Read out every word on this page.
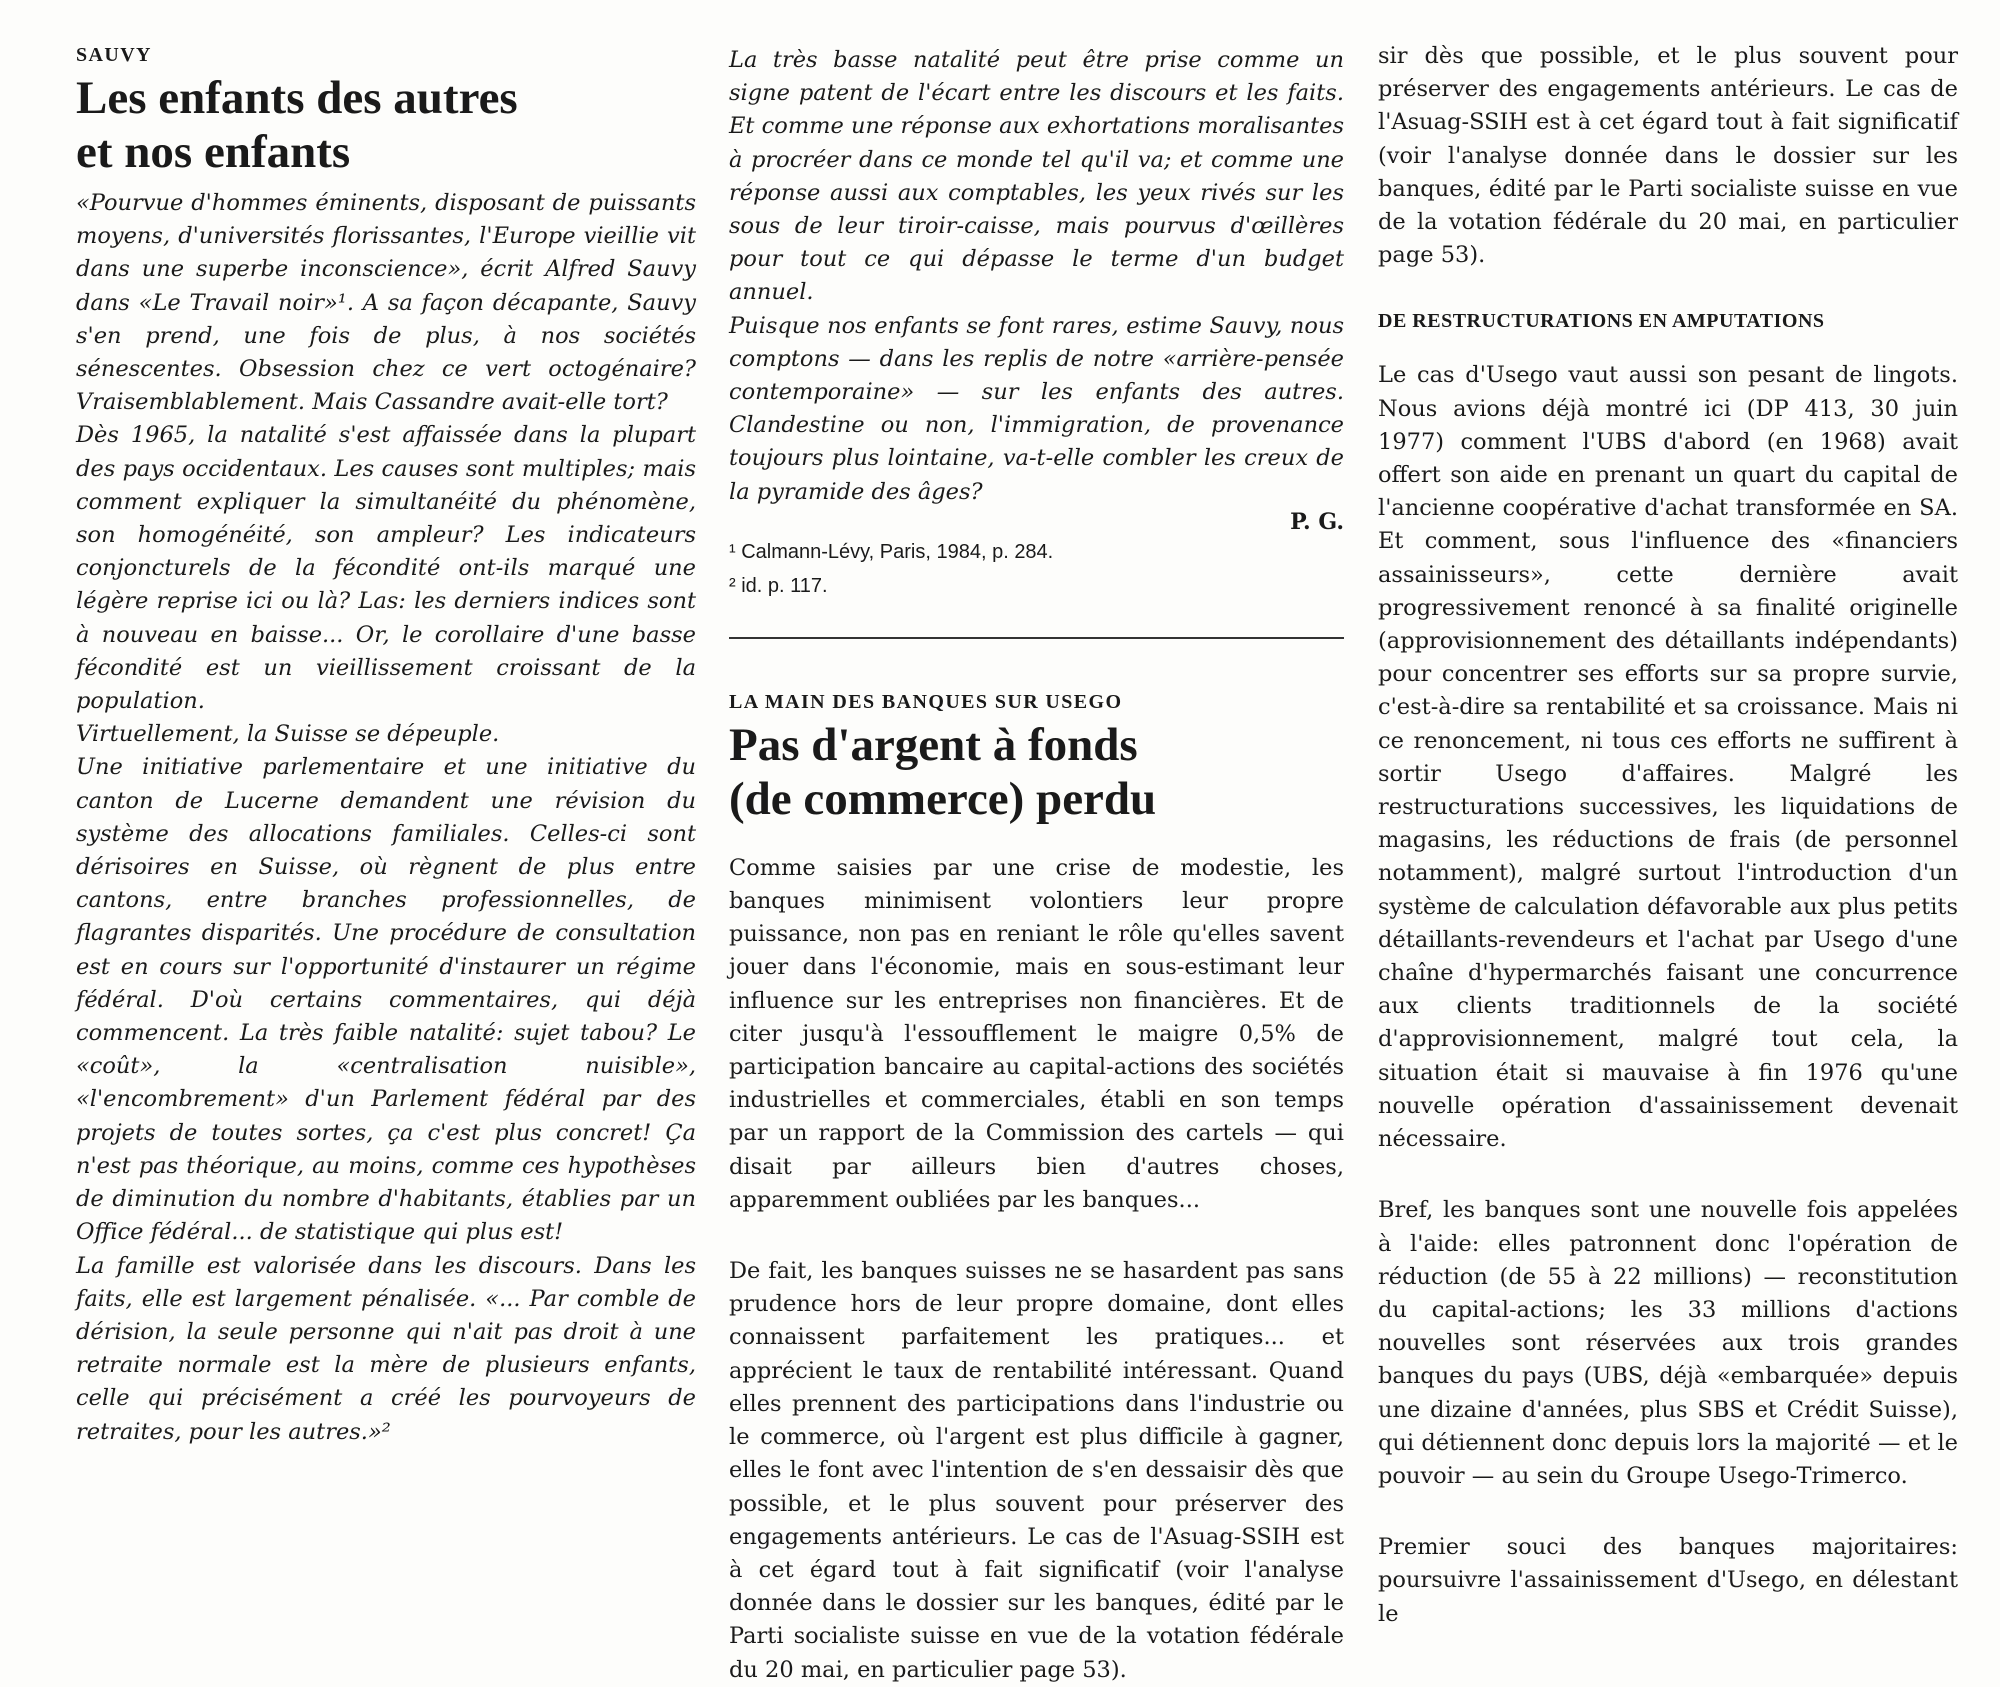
SAUVY
Les enfants des autres
et nos enfants

«Pourvue d'hommes éminents, disposant de puissants moyens, d'universités florissantes, l'Europe vieillie vit dans une superbe inconscience», écrit Alfred Sauvy dans «Le Travail noir»¹. A sa façon décapante, Sauvy s'en prend, une fois de plus, à nos sociétés sénescentes. Obsession chez ce vert octogénaire? Vraisemblablement. Mais Cassandre avait-elle tort?

Dès 1965, la natalité s'est affaissée dans la plupart des pays occidentaux. Les causes sont multiples; mais comment expliquer la simultanéité du phénomène, son homogénéité, son ampleur? Les indicateurs conjoncturels de la fécondité ont-ils marqué une légère reprise ici ou là? Las: les derniers indices sont à nouveau en baisse... Or, le corollaire d'une basse fécondité est un vieillissement croissant de la population.

Virtuellement, la Suisse se dépeuple.

Une initiative parlementaire et une initiative du canton de Lucerne demandent une révision du système des allocations familiales. Celles-ci sont dérisoires en Suisse, où règnent de plus entre cantons, entre branches professionnelles, de flagrantes disparités. Une procédure de consultation est en cours sur l'opportunité d'instaurer un régime fédéral. D'où certains commentaires, qui déjà commencent. La très faible natalité: sujet tabou? Le «coût», la «centralisation nuisible», «l'encombrement» d'un Parlement fédéral par des projets de toutes sortes, ça c'est plus concret! Ça n'est pas théorique, au moins, comme ces hypothèses de diminution du nombre d'habitants, établies par un Office fédéral... de statistique qui plus est!

La famille est valorisée dans les discours. Dans les faits, elle est largement pénalisée. «... Par comble de dérision, la seule personne qui n'ait pas droit à une retraite normale est la mère de plusieurs enfants, celle qui précisément a créé les pourvoyeurs de retraites, pour les autres.»²

La très basse natalité peut être prise comme un signe patent de l'écart entre les discours et les faits. Et comme une réponse aux exhortations moralisantes à procréer dans ce monde tel qu'il va; et comme une réponse aussi aux comptables, les yeux rivés sur les sous de leur tiroir-caisse, mais pourvus d'œillères pour tout ce qui dépasse le terme d'un budget annuel.

Puisque nos enfants se font rares, estime Sauvy, nous comptons — dans les replis de notre «arrière-pensée contemporaine» — sur les enfants des autres. Clandestine ou non, l'immigration, de provenance toujours plus lointaine, va-t-elle combler les creux de la pyramide des âges?

P. G.

¹ Calmann-Lévy, Paris, 1984, p. 284.

² id. p. 117.

LA MAIN DES BANQUES SUR USEGO
Pas d'argent à fonds
(de commerce) perdu

Comme saisies par une crise de modestie, les banques minimisent volontiers leur propre puissance, non pas en reniant le rôle qu'elles savent jouer dans l'économie, mais en sous-estimant leur influence sur les entreprises non financières. Et de citer jusqu'à l'essoufflement le maigre 0,5% de participation bancaire au capital-actions des sociétés industrielles et commerciales, établi en son temps par un rapport de la Commission des cartels — qui disait par ailleurs bien d'autres choses, apparemment oubliées par les banques...

De fait, les banques suisses ne se hasardent pas sans prudence hors de leur propre domaine, dont elles connaissent parfaitement les pratiques... et apprécient le taux de rentabilité intéressant. Quand elles prennent des participations dans l'industrie ou le commerce, où l'argent est plus difficile à gagner, elles le font avec l'intention de s'en dessaisir dès que possible, et le plus souvent pour préserver des engagements antérieurs. Le cas de l'Asuag-SSIH est à cet égard tout à fait significatif (voir l'analyse donnée dans le dossier sur les banques, édité par le Parti socialiste suisse en vue de la votation fédérale du 20 mai, en particulier page 53).

sir dès que possible, et le plus souvent pour préserver des engagements antérieurs. Le cas de l'Asuag-SSIH est à cet égard tout à fait significatif (voir l'analyse donnée dans le dossier sur les banques, édité par le Parti socialiste suisse en vue de la votation fédérale du 20 mai, en particulier page 53).

DE RESTRUCTURATIONS EN AMPUTATIONS

Le cas d'Usego vaut aussi son pesant de lingots. Nous avions déjà montré ici (DP 413, 30 juin 1977) comment l'UBS d'abord (en 1968) avait offert son aide en prenant un quart du capital de l'ancienne coopérative d'achat transformée en SA. Et comment, sous l'influence des «financiers assainisseurs», cette dernière avait progressivement renoncé à sa finalité originelle (approvisionnement des détaillants indépendants) pour concentrer ses efforts sur sa propre survie, c'est-à-dire sa rentabilité et sa croissance. Mais ni ce renoncement, ni tous ces efforts ne suffirent à sortir Usego d'affaires. Malgré les restructurations successives, les liquidations de magasins, les réductions de frais (de personnel notamment), malgré surtout l'introduction d'un système de calculation défavorable aux plus petits détaillants-revendeurs et l'achat par Usego d'une chaîne d'hypermarchés faisant une concurrence aux clients traditionnels de la société d'approvisionnement, malgré tout cela, la situation était si mauvaise à fin 1976 qu'une nouvelle opération d'assainissement devenait nécessaire.

Bref, les banques sont une nouvelle fois appelées à l'aide: elles patronnent donc l'opération de réduction (de 55 à 22 millions) — reconstitution du capital-actions; les 33 millions d'actions nouvelles sont réservées aux trois grandes banques du pays (UBS, déjà «embarquée» depuis une dizaine d'années, plus SBS et Crédit Suisse), qui détiennent donc depuis lors la majorité — et le pouvoir — au sein du Groupe Usego-Trimerco.

Premier souci des banques majoritaires: poursuivre l'assainissement d'Usego, en délestant le
